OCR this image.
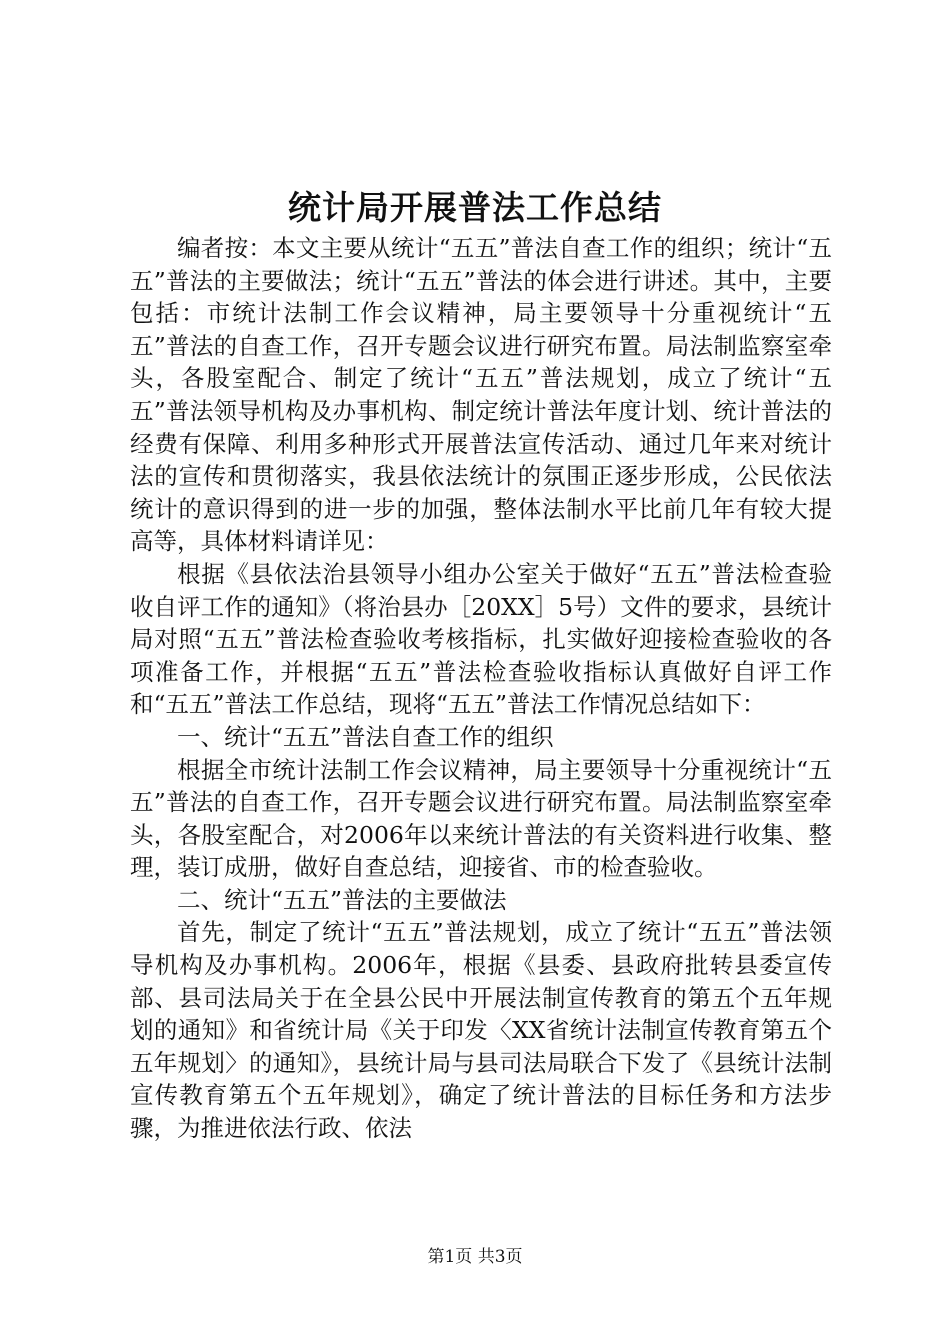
统计局开展普法工作总结

编者按：本文主要从统计“五五”普法自查工作的组织；统计“五五”普法的主要做法；统计“五五”普法的体会进行讲述。其中，主要包括：市统计法制工作会议精神，局主要领导十分重视统计“五五”普法的自查工作，召开专题会议进行研究布置。局法制监察室牵头，各股室配合、制定了统计“五五”普法规划，成立了统计“五五”普法领导机构及办事机构、制定统计普法年度计划、统计普法的经费有保障、利用多种形式开展普法宣传活动、通过几年来对统计法的宣传和贯彻落实，我县依法统计的氛围正逐步形成，公民依法统计的意识得到的进一步的加强，整体法制水平比前几年有较大提高等，具体材料请详见：

根据《县依法治县领导小组办公室关于做好“五五”普法检查验收自评工作的通知》（将治县办［20XX］5号）文件的要求，县统计局对照“五五”普法检查验收考核指标，扎实做好迎接检查验收的各项准备工作，并根据“五五”普法检查验收指标认真做好自评工作和“五五”普法工作总结，现将“五五”普法工作情况总结如下：

一、统计“五五”普法自查工作的组织

根据全市统计法制工作会议精神，局主要领导十分重视统计“五五”普法的自查工作，召开专题会议进行研究布置。局法制监察室牵头，各股室配合，对2006年以来统计普法的有关资料进行收集、整理，装订成册，做好自查总结，迎接省、市的检查验收。

二、统计“五五”普法的主要做法

首先，制定了统计“五五”普法规划，成立了统计“五五”普法领导机构及办事机构。2006年，根据《县委、县政府批转县委宣传部、县司法局关于在全县公民中开展法制宣传教育的第五个五年规划的通知》和省统计局《关于印发〈XX省统计法制宣传教育第五个五年规划〉的通知》，县统计局与县司法局联合下发了《县统计法制宣传教育第五个五年规划》，确定了统计普法的目标任务和方法步骤，为推进依法行政、依法

第1页 共3页
